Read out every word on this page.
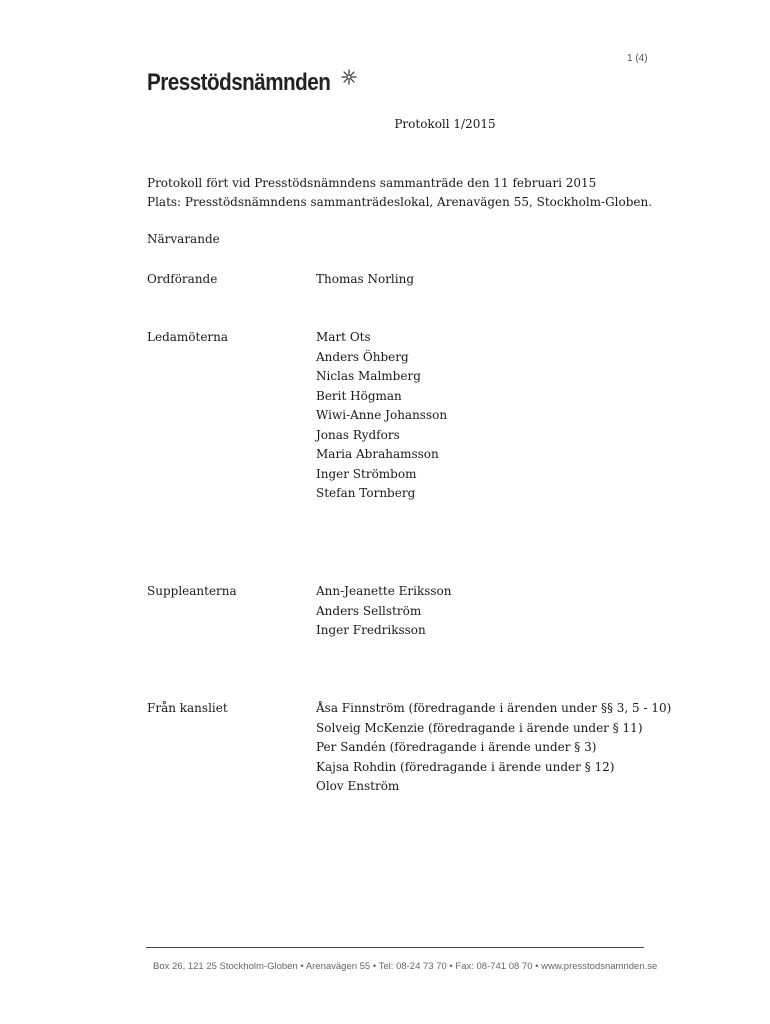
1 (4)
Presstödsnämnden
Protokoll 1/2015
Protokoll fört vid Presstödsnämndens sammanträde den 11 februari 2015
Plats: Presstödsnämndens sammanträdeslokal, Arenavägen 55, Stockholm-Globen.
Närvarande
Ordförande	Thomas Norling
Ledamöterna	Mart Ots
Anders Öhberg
Niclas Malmberg
Berit Högman
Wiwi-Anne Johansson
Jonas Rydfors
Maria Abrahamsson
Inger Strömbom
Stefan Tornberg
Suppleanterna	Ann-Jeanette Eriksson
Anders Sellström
Inger Fredriksson
Från kansliet	Åsa Finnström (föredragande i ärenden under §§ 3, 5 - 10)
Solveig McKenzie (föredragande i ärende under § 11)
Per Sandén (föredragande i ärende under § 3)
Kajsa Rohdin (föredragande i ärende under § 12)
Olov Enström
Box 26, 121 25 Stockholm-Globen • Arenavägen 55 • Tel: 08-24 73 70 • Fax: 08-741 08 70 • www.presstodsnamnden.se
